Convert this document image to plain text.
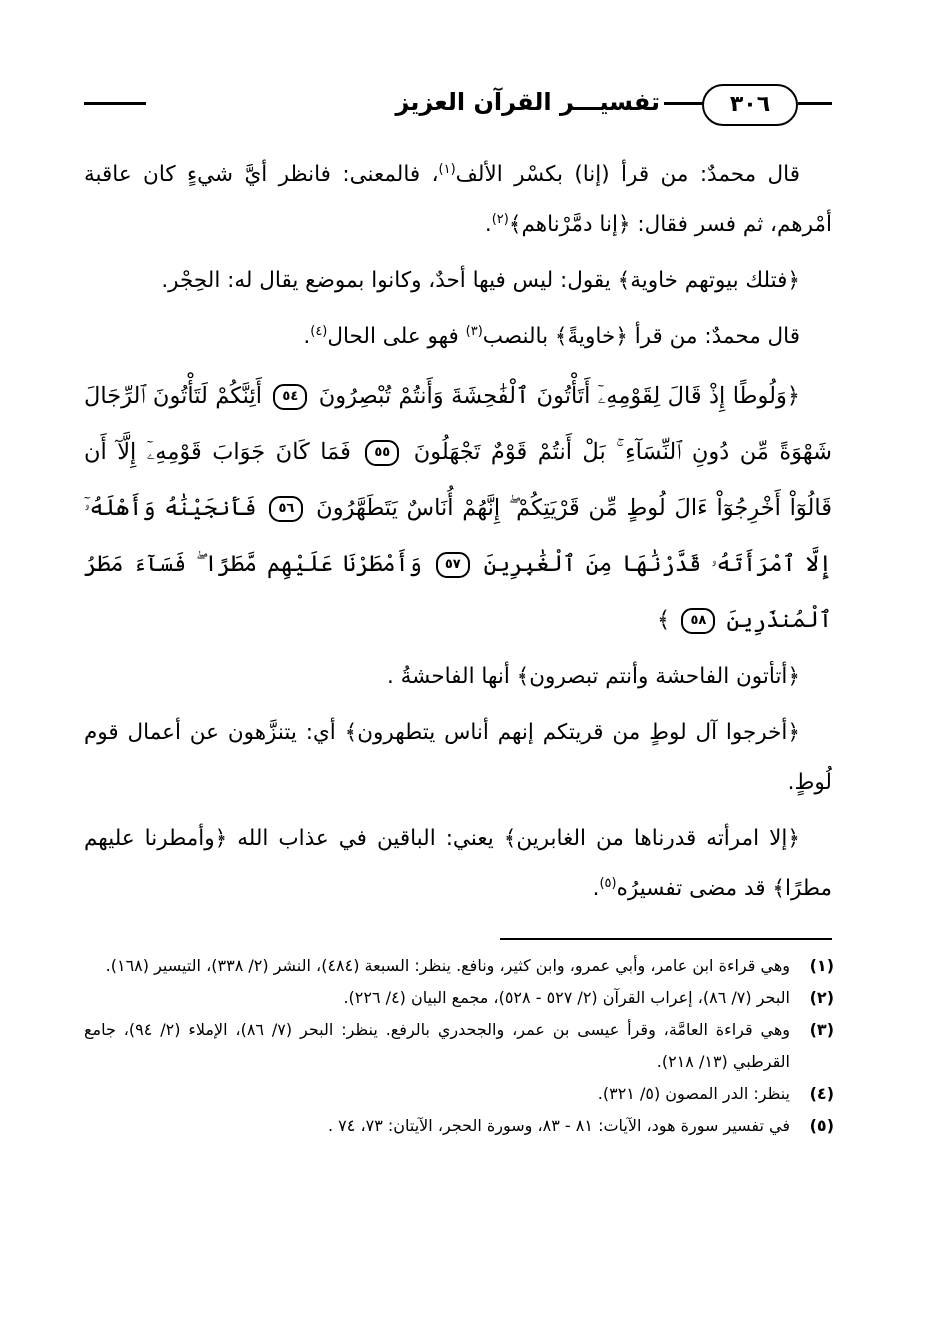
٣٠٦
تفسيـــر القرآن العزيز

قال محمدٌ: من قرأ (إنا) بكسْر الألف$^{(١)}$، فالمعنى: فانظر أيَّ شيءٍ كان عاقبة أمْرهم، ثم فسر فقال: ﴿إنا دمَّرْناهم﴾$^{(٢)}$.

﴿فتلك بيوتهم خاوية﴾ يقول: ليس فيها أحدٌ، وكانوا بموضع يقال له: الحِجْر.

قال محمدٌ: من قرأ ﴿خاويةً﴾ بالنصب$^{(٣)}$ فهو على الحال$^{(٤)}$.

﴿وَلُوطًا إِذْ قَالَ لِقَوْمِهِۦٓ أَتَأْتُونَ ٱلْفَٰحِشَةَ وَأَنتُمْ تُبْصِرُونَ ٥٤ أَئِنَّكُمْ لَتَأْتُونَ ٱلرِّجَالَ شَهْوَةً مِّن دُونِ ٱلنِّسَآءِ ۚ بَلْ أَنتُمْ قَوْمٌ تَجْهَلُونَ ٥٥ فَمَا كَانَ جَوَابَ قَوْمِهِۦٓ إِلَّآ أَن قَالُوٓاْ أَخْرِجُوٓاْ ءَالَ لُوطٍ مِّن قَرْيَتِكُمْ ۖ إِنَّهُمْ أُنَاسٌ يَتَطَهَّرُونَ ٥٦ فَأَنجَيْنَٰهُ وَأَهْلَهُۥٓ إِلَّا ٱمْرَأَتَهُۥ قَدَّرْنَٰهَا مِنَ ٱلْغَٰبِرِينَ ٥٧ وَأَمْطَرْنَا عَلَيْهِم مَّطَرًا ۖ فَسَآءَ مَطَرُ ٱلْمُنذَرِينَ ٥٨ ﴾

﴿أتأتون الفاحشة وأنتم تبصرون﴾ أنها الفاحشةُ .

﴿أخرجوا آل لوطٍ من قريتكم إنهم أناس يتطهرون﴾ أي: يتنزَّهون عن أعمال قوم لُوطٍ.

﴿إلا امرأته قدرناها من الغابرين﴾ يعني: الباقين في عذاب الله ﴿وأمطرنا عليهم مطرًا﴾ قد مضى تفسيرُه$^{(٥)}$.

(١)
وهي قراءة ابن عامر، وأبي عمرو، وابن كثير، ونافع. ينظر: السبعة (٤٨٤)، النشر (٢/ ٣٣٨)، التيسير (١٦٨).
(٢)
البحر (٧/ ٨٦)، إعراب القرآن (٢/ ٥٢٧ - ٥٢٨)، مجمع البيان (٤/ ٢٢٦).
(٣)
وهي قراءة العامَّة، وقرأ عيسى بن عمر، والجحدري بالرفع. ينظر: البحر (٧/ ٨٦)، الإملاء (٢/ ٩٤)، جامع القرطبي (١٣/ ٢١٨).
(٤)
ينظر: الدر المصون (٥/ ٣٢١).
(٥)
في تفسير سورة هود، الآيات: ٨١ - ٨٣، وسورة الحجر، الآيتان: ٧٣، ٧٤ .
